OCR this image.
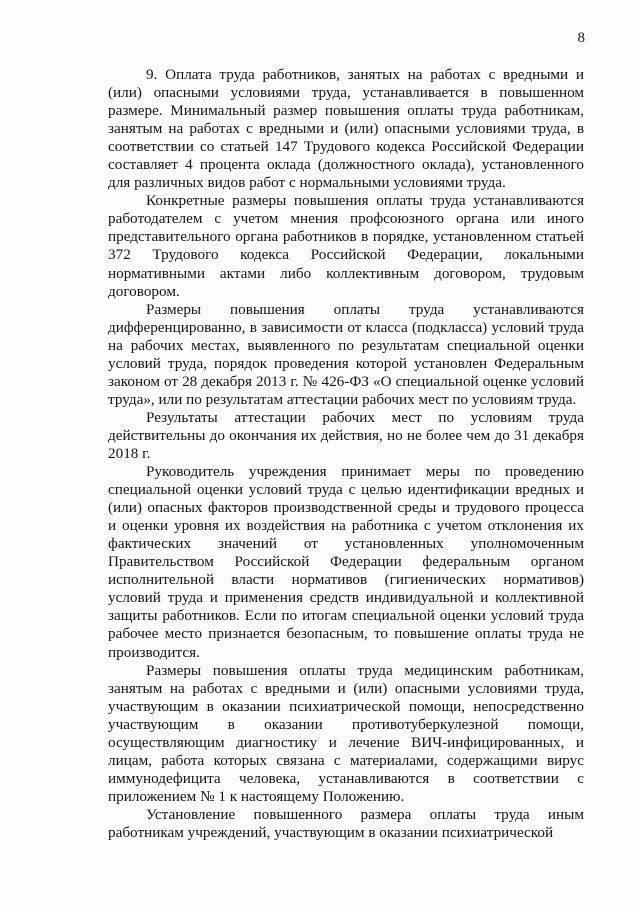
8

9. Оплата труда работников, занятых на работах с вредными и (или) опасными условиями труда, устанавливается в повышенном размере. Минимальный размер повышения оплаты труда работникам, занятым на работах с вредными и (или) опасными условиями труда, в соответствии со статьей 147 Трудового кодекса Российской Федерации составляет 4 процента оклада (должностного оклада), установленного для различных видов работ с нормальными условиями труда.

Конкретные размеры повышения оплаты труда устанавливаются работодателем с учетом мнения профсоюзного органа или иного представительного органа работников в порядке, установленном статьей 372 Трудового кодекса Российской Федерации, локальными нормативными актами либо коллективным договором, трудовым договором.

Размеры повышения оплаты труда устанавливаются дифференцированно, в зависимости от класса (подкласса) условий труда на рабочих местах, выявленного по результатам специальной оценки условий труда, порядок проведения которой установлен Федеральным законом от 28 декабря 2013 г. № 426-ФЗ «О специальной оценке условий труда», или по результатам аттестации рабочих мест по условиям труда.

Результаты аттестации рабочих мест по условиям труда действительны до окончания их действия, но не более чем до 31 декабря 2018 г.

Руководитель учреждения принимает меры по проведению специальной оценки условий труда с целью идентификации вредных и (или) опасных факторов производственной среды и трудового процесса и оценки уровня их воздействия на работника с учетом отклонения их фактических значений от установленных уполномоченным Правительством Российской Федерации федеральным органом исполнительной власти нормативов (гигиенических нормативов) условий труда и применения средств индивидуальной и коллективной защиты работников. Если по итогам специальной оценки условий труда рабочее место признается безопасным, то повышение оплаты труда не производится.

Размеры повышения оплаты труда медицинским работникам, занятым на работах с вредными и (или) опасными условиями труда, участвующим в оказании психиатрической помощи, непосредственно участвующим в оказании противотуберкулезной помощи, осуществляющим диагностику и лечение ВИЧ-инфицированных, и лицам, работа которых связана с материалами, содержащими вирус иммунодефицита человека, устанавливаются в соответствии с приложением № 1 к настоящему Положению.

Установление повышенного размера оплаты труда иным работникам учреждений, участвующим в оказании психиатрической
